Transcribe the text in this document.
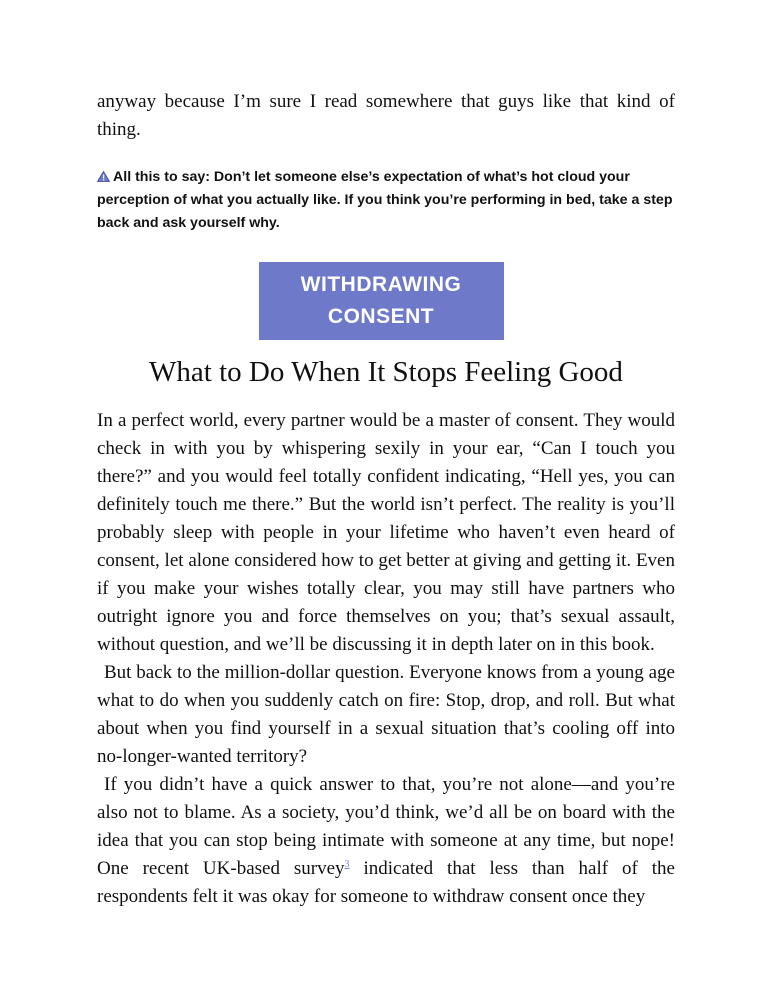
anyway because I’m sure I read somewhere that guys like that kind of thing.

All this to say: Don’t let someone else’s expectation of what’s hot cloud your perception of what you actually like. If you think you’re performing in bed, take a step back and ask yourself why.

WITHDRAWING
CONSENT
What to Do When It Stops Feeling Good

In a perfect world, every partner would be a master of consent. They would check in with you by whispering sexily in your ear, “Can I touch you there?” and you would feel totally confident indicating, “Hell yes, you can definitely touch me there.” But the world isn’t perfect. The reality is you’ll probably sleep with people in your lifetime who haven’t even heard of consent, let alone considered how to get better at giving and getting it. Even if you make your wishes totally clear, you may still have partners who outright ignore you and force themselves on you; that’s sexual assault, without question, and we’ll be discussing it in depth later on in this book.

But back to the million-dollar question. Everyone knows from a young age what to do when you suddenly catch on fire: Stop, drop, and roll. But what about when you find yourself in a sexual situation that’s cooling off into no-longer-wanted territory?

If you didn’t have a quick answer to that, you’re not alone—and you’re also not to blame. As a society, you’d think, we’d all be on board with the idea that you can stop being intimate with someone at any time, but nope! One recent UK-based survey$^3$ indicated that less than half of the respondents felt it was okay for someone to withdraw consent once they
